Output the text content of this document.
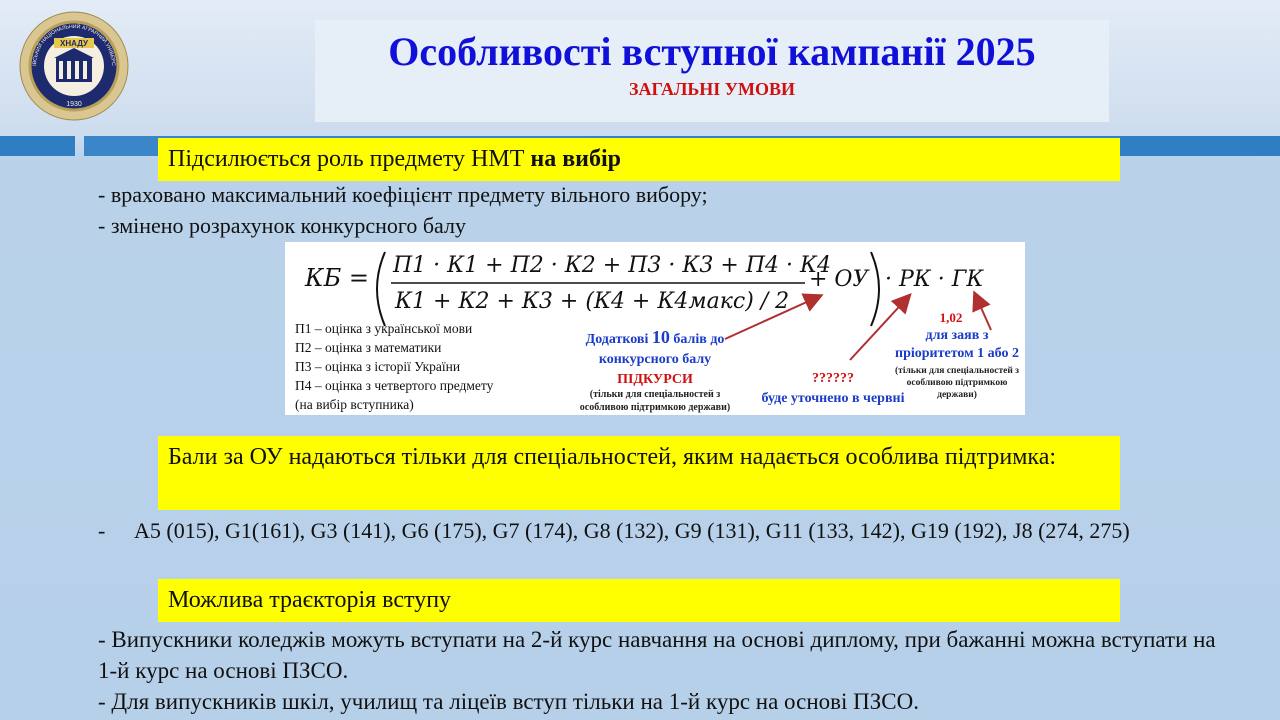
ХНАДУ
1930
ІВСЬКИЙ НАЦІОНАЛЬНИЙ АГРАРНИЙ УНІВЕРС	Особливості вступної кампанії 2025
ЗАГАЛЬНІ УМОВИ
Підсилюється роль предмету НМТ на вибір
- враховано максимальний коефіцієнт предмету вільного вибору;
- змінено розрахунок конкурсного балу
КБ = П1 · К1 + П2 · К2 + П3 · К3 + П4 · К4
К1 + К2 + К3 + (К4 + К4макс) / 2
+ ОУ · РК · ГК
П1 – оцінка з української мови
П2 – оцінка з математики
П3 – оцінка з історії України
П4 – оцінка з четвертого предмету
(на вибір вступника)
Додаткові 10 балів до
конкурсного балу
ПІДКУРСИ
(тільки для спеціальностей з
особливою підтримкою держави)
??????
буде уточнено в червні
1,02
для заяв з
пріоритетом 1 або 2
(тільки для спеціальностей з
особливою підтримкою
держави)
Бали за ОУ надаються тільки для спеціальностей, яким надається особлива підтримка:
- А5 (015), G1(161), G3 (141), G6 (175), G7 (174), G8 (132), G9 (131), G11 (133, 142), G19 (192), J8 (274, 275)
Можлива траєкторія вступу
- Випускники коледжів можуть вступати на 2-й курс навчання на основі диплому, при бажанні можна вступати на 1-й курс на основі ПЗСО.
- Для випускників шкіл, училищ та ліцеїв вступ тільки на 1-й курс на основі ПЗСО.
